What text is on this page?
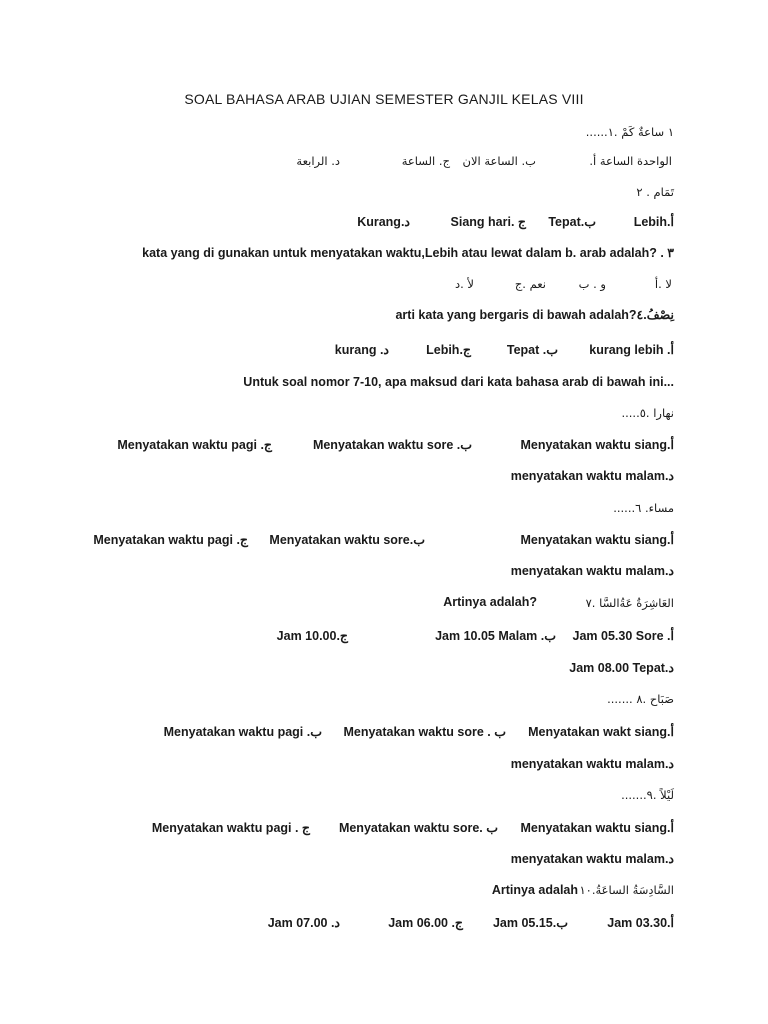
SOAL BAHASA ARAB UJIAN SEMESTER GANJIL KELAS VIII
١ ساعةٌ كَمْ .١......
الواحدة الساعة أ.
ب. الساعة الان
ج. الساعة
د. الرابعة
تَمَام . ٢
Lebih.أ
Tepat.ب
Siang hari. ج
Kurang.د
kata yang di gunakan untuk menyatakan waktu,Lebih atau lewat dalam b. arab adalah? . ٣
لا .أ
و . ب
نعم .ج
لأ .د
arti kata yang bergaris di bawah adalah?نِصْفُ.٤
kurang lebih .أ
Tepat .ب
Lebih.ج
kurang .د
Untuk soal nomor 7-10, apa maksud dari kata bahasa arab di bawah ini...
نهارا .٥.....
Menyatakan waktu siang.أ
Menyatakan waktu sore .ب
Menyatakan waktu pagi .ج
menyatakan waktu malam.د
مساء. ٦......
Menyatakan waktu siang.أ
Menyatakan waktu sore.ب
Menyatakan waktu pagi .ج
menyatakan waktu malam.د
العَاشِرَةُ عَةُالسَّا .٧
Artinya adalah?
Jam 05.30 Sore .أ
Jam 10.05 Malam .ب
Jam 10.00.ج
Jam 08.00 Tepat.د
صَبَاح .٨ .......
Menyatakan wakt siang.أ
Menyatakan waktu sore . ب
Menyatakan waktu pagi .ب
menyatakan waktu malam.د
لَيْلاً .٩.......
Menyatakan waktu siang.أ
Menyatakan waktu sore. ب
Menyatakan waktu pagi . ج
menyatakan waktu malam.د
السَّادِسَةُ الساعَةُ.١٠
Artinya adalah
Jam 03.30.أ
Jam 05.15.ب
Jam 06.00 .ج
Jam 07.00 .د
